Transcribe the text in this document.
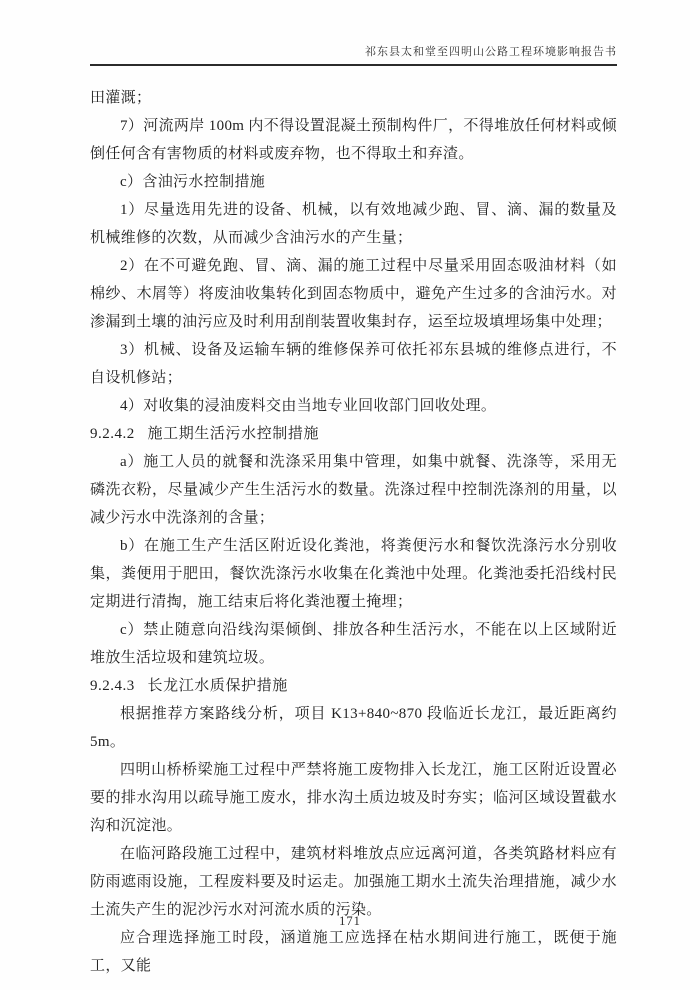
祁东县太和堂至四明山公路工程环境影响报告书

田灌溉；

7）河流两岸 100m 内不得设置混凝土预制构件厂，不得堆放任何材料或倾倒任何含有害物质的材料或废弃物，也不得取土和弃渣。

c）含油污水控制措施

1）尽量选用先进的设备、机械，以有效地减少跑、冒、滴、漏的数量及机械维修的次数，从而减少含油污水的产生量；

2）在不可避免跑、冒、滴、漏的施工过程中尽量采用固态吸油材料（如棉纱、木屑等）将废油收集转化到固态物质中，避免产生过多的含油污水。对渗漏到土壤的油污应及时利用刮削装置收集封存，运至垃圾填埋场集中处理；

3）机械、设备及运输车辆的维修保养可依托祁东县城的维修点进行，不自设机修站；

4）对收集的浸油废料交由当地专业回收部门回收处理。

9.2.4.2 施工期生活污水控制措施

a）施工人员的就餐和洗涤采用集中管理，如集中就餐、洗涤等，采用无磷洗衣粉，尽量减少产生生活污水的数量。洗涤过程中控制洗涤剂的用量，以减少污水中洗涤剂的含量；

b）在施工生产生活区附近设化粪池，将粪便污水和餐饮洗涤污水分别收集，粪便用于肥田，餐饮洗涤污水收集在化粪池中处理。化粪池委托沿线村民定期进行清掏，施工结束后将化粪池覆土掩埋；

c）禁止随意向沿线沟渠倾倒、排放各种生活污水，不能在以上区域附近堆放生活垃圾和建筑垃圾。

9.2.4.3 长龙江水质保护措施

根据推荐方案路线分析，项目 K13+840~870 段临近长龙江，最近距离约 5m。

四明山桥桥梁施工过程中严禁将施工废物排入长龙江，施工区附近设置必要的排水沟用以疏导施工废水，排水沟土质边坡及时夯实；临河区域设置截水沟和沉淀池。

在临河路段施工过程中，建筑材料堆放点应远离河道，各类筑路材料应有防雨遮雨设施，工程废料要及时运走。加强施工期水土流失治理措施，减少水土流失产生的泥沙污水对河流水质的污染。

应合理选择施工时段，涵道施工应选择在枯水期间进行施工，既便于施工，又能

171
